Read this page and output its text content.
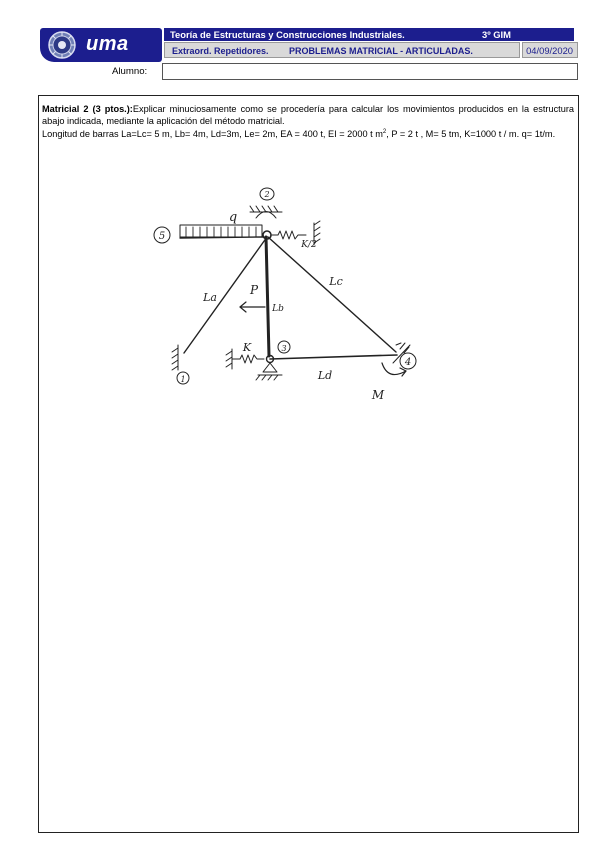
uma	Teoría de Estructuras y Construcciones Industriales.	3º GIM
Extraord. Repetidores. PROBLEMAS MATRICIAL - ARTICULADAS.	04/09/2020
Alumno:
Matricial 2 (3 ptos.):Explicar minuciosamente como se procedería para calcular los movimientos producidos en la estructura abajo indicada, mediante la aplicación del método matricial.
Longitud de barras La=Lc= 5 m, Lb= 4m, Ld=3m, Le= 2m, EA = 400 t, EI = 2000 t $m^2$, P = 2 t , M= 5 tm, K=1000 t / m. q= 1t/m.
5
1
3
4
2
q
La
Lb
Lc
Ld
P
K
K/2
M
